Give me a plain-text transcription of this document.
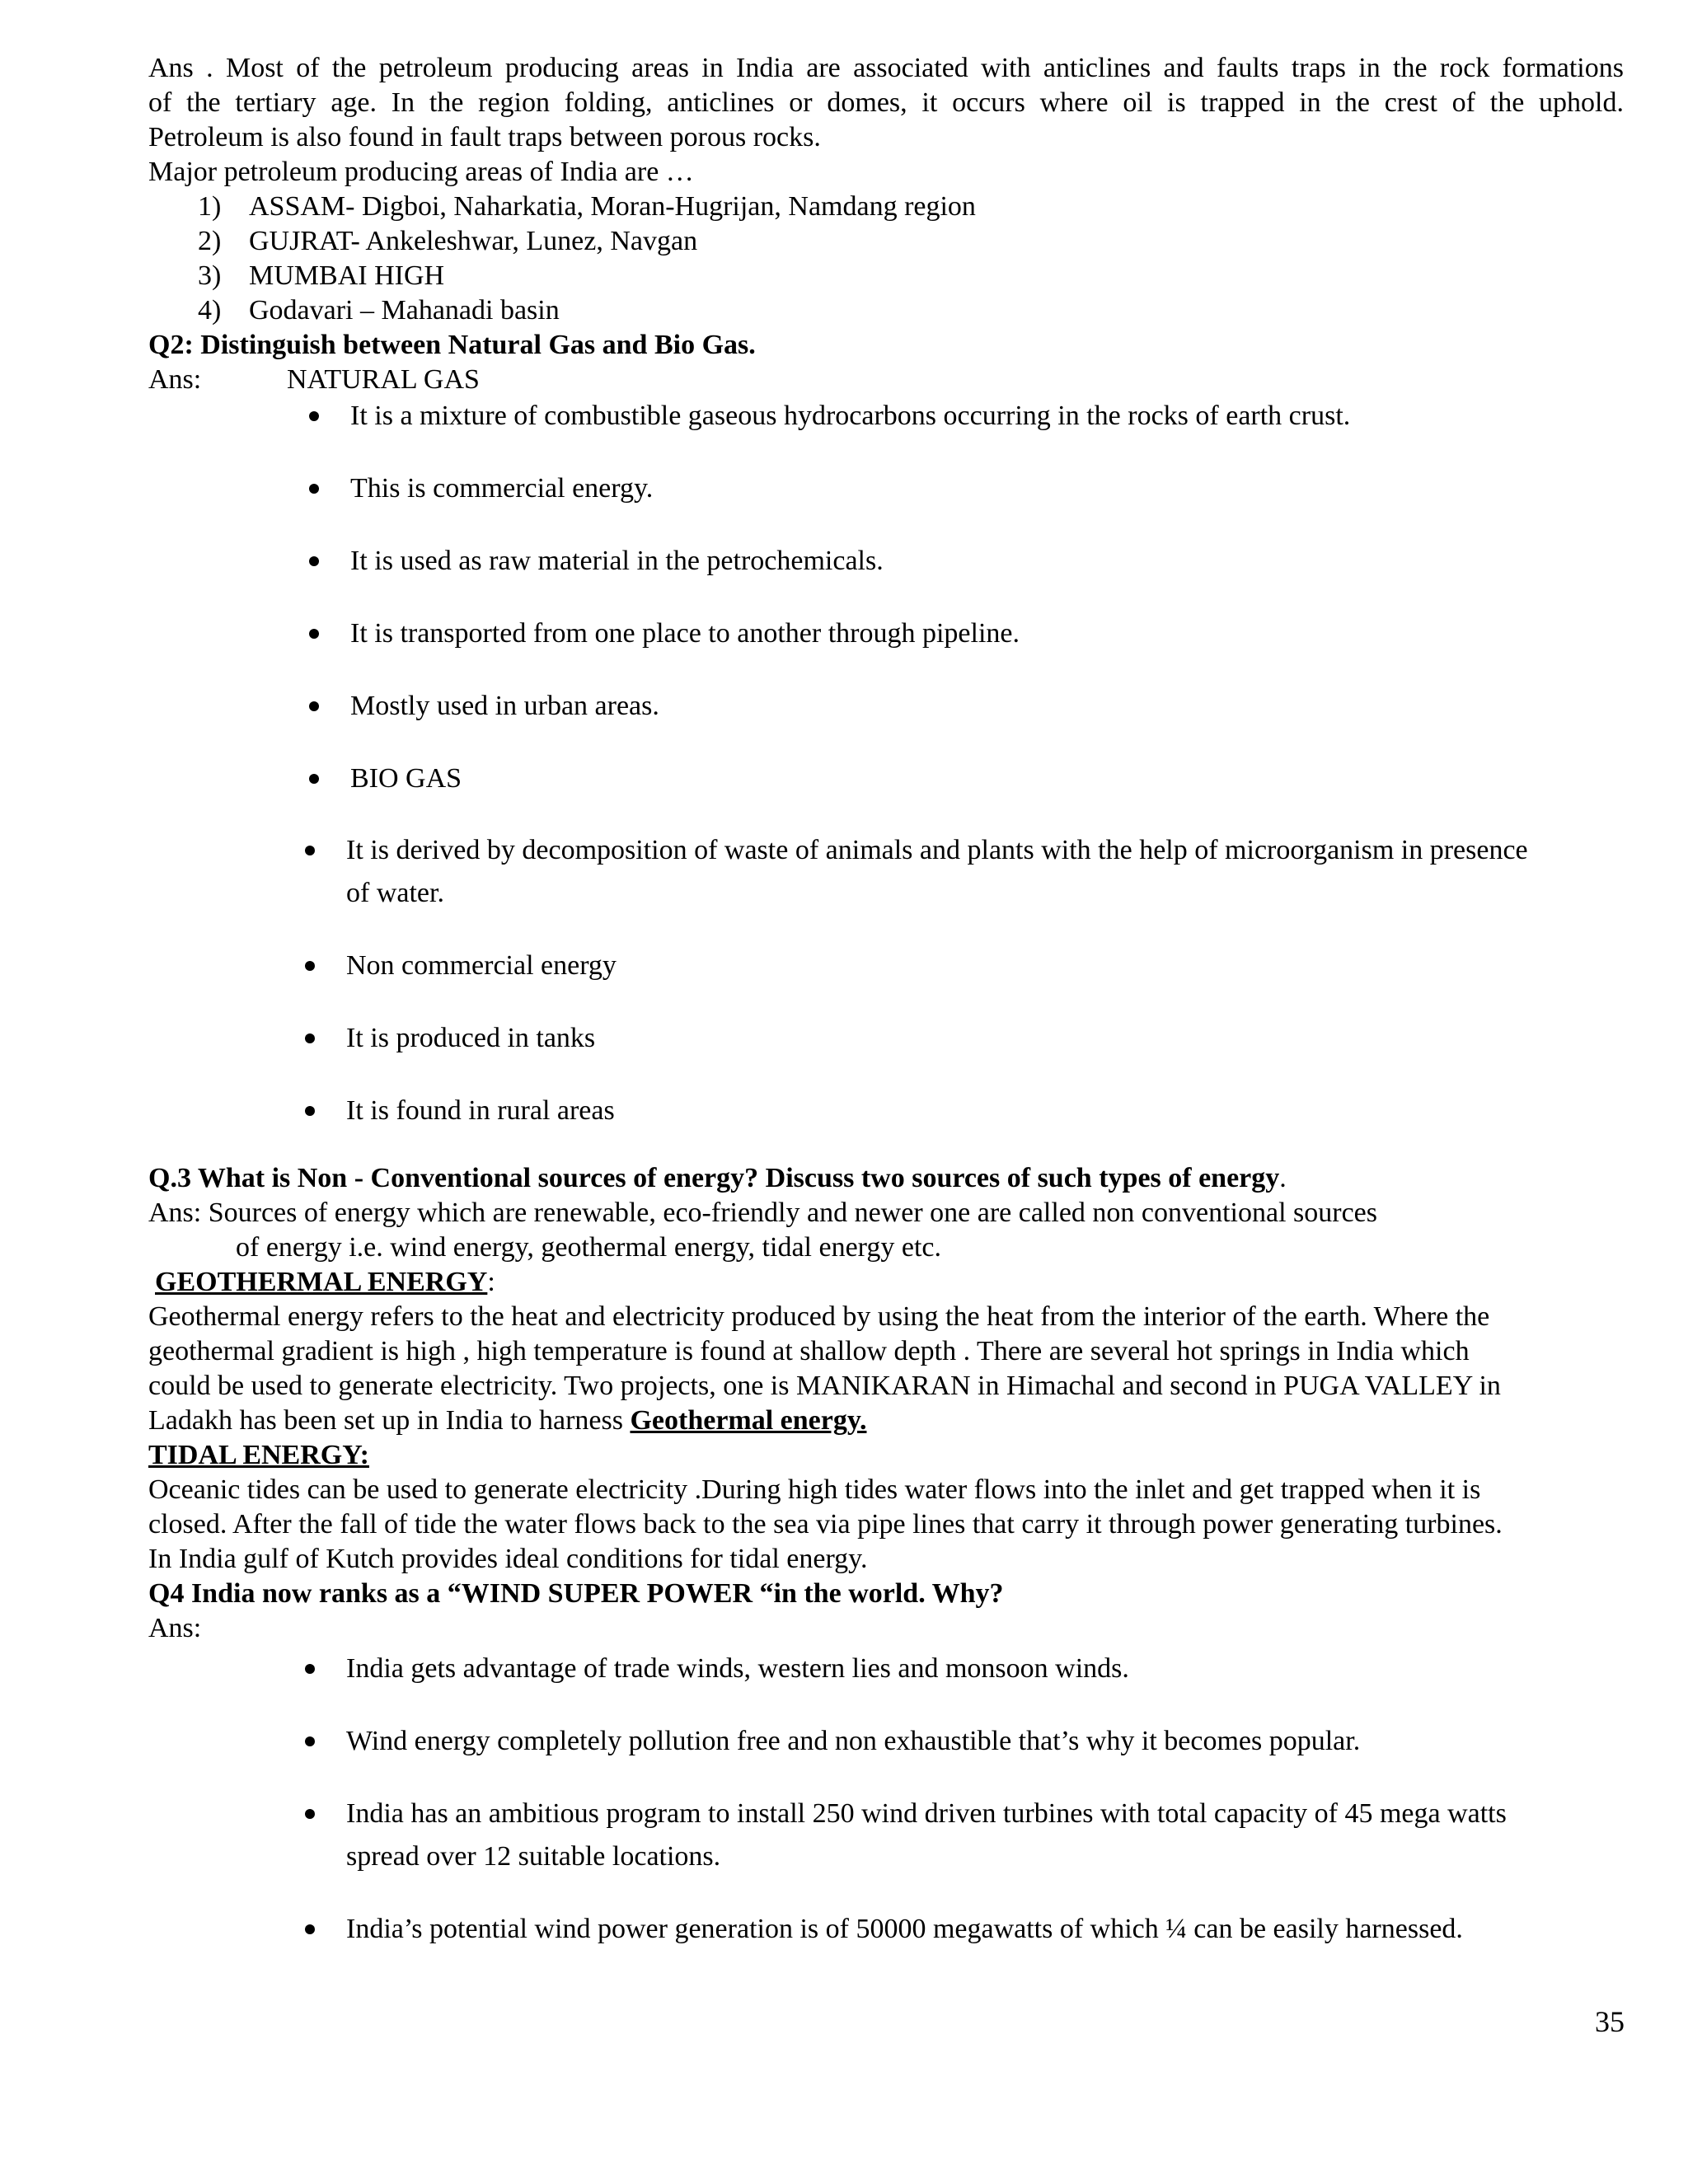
Ans . Most of the petroleum producing areas in India are associated with anticlines and faults traps in the rock formations
of the tertiary age. In the region folding, anticlines or domes, it occurs where oil is trapped in the crest of the uphold.
Petroleum is also found in fault traps between porous rocks.
Major petroleum producing areas of India are …
1) ASSAM- Digboi, Naharkatia, Moran-Hugrijan, Namdang region
2) GUJRAT- Ankeleshwar, Lunez, Navgan
3) MUMBAI HIGH
4) Godavari – Mahanadi basin
Q2: Distinguish between Natural Gas and Bio Gas.
Ans:	NATURAL GAS
It is a mixture of combustible gaseous hydrocarbons occurring in the rocks of earth crust.
This is commercial energy.
It is used as raw material in the petrochemicals.
It is transported from one place to another through pipeline.
Mostly used in urban areas.
BIO GAS
It is derived by decomposition of waste of animals and plants with the help of microorganism in presence
of water.
Non commercial energy
It is produced in tanks
It is found in rural areas
Q.3 What is Non - Conventional sources of energy? Discuss two sources of such types of energy.
Ans: Sources of energy which are renewable, eco-friendly and newer one are called non conventional sources
of energy i.e. wind energy, geothermal energy, tidal energy etc.
GEOTHERMAL ENERGY:
Geothermal energy refers to the heat and electricity produced by using the heat from the interior of the earth. Where the
geothermal gradient is high , high temperature is found at shallow depth . There are several hot springs in India which
could be used to generate electricity. Two projects, one is MANIKARAN in Himachal and second in PUGA VALLEY in
Ladakh has been set up in India to harness Geothermal energy.
TIDAL ENERGY:
Oceanic tides can be used to generate electricity .During high tides water flows into the inlet and get trapped when it is
closed. After the fall of tide the water flows back to the sea via pipe lines that carry it through power generating turbines.
In India gulf of Kutch provides ideal conditions for tidal energy.
Q4 India now ranks as a “WIND SUPER POWER “in the world. Why?
Ans:
India gets advantage of trade winds, western lies and monsoon winds.
Wind energy completely pollution free and non exhaustible that’s why it becomes popular.
India has an ambitious program to install 250 wind driven turbines with total capacity of 45 mega watts
spread over 12 suitable locations.
India’s potential wind power generation is of 50000 megawatts of which ¼ can be easily harnessed.
35
